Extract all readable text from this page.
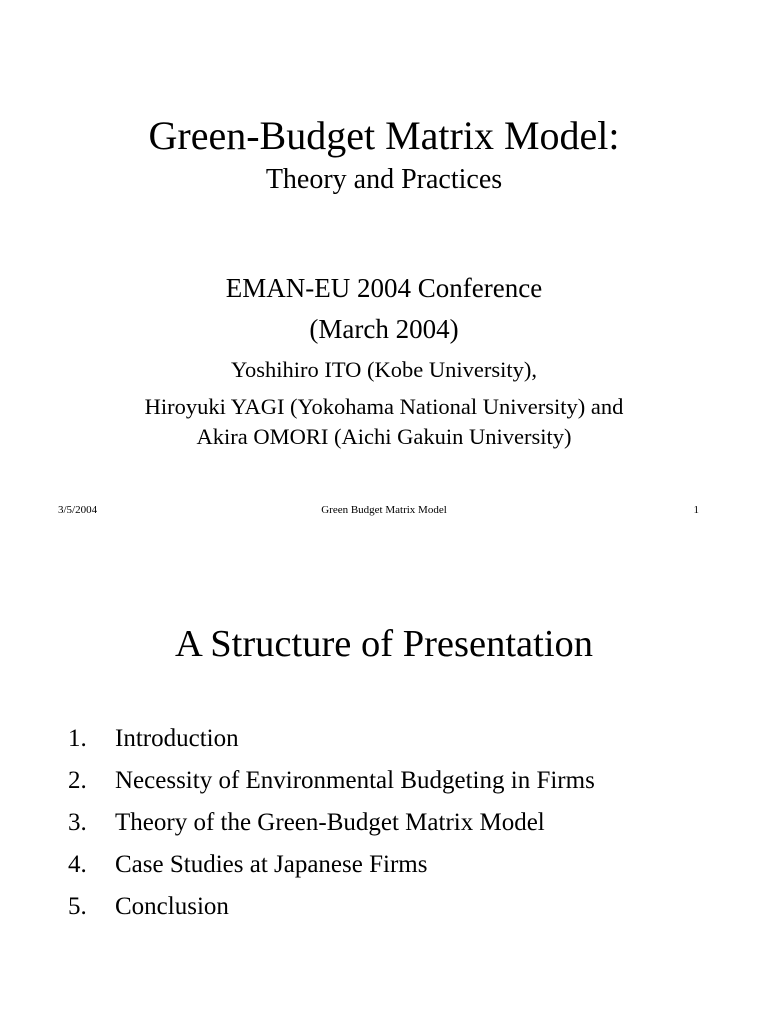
Green-Budget Matrix Model:
Theory and Practices
EMAN-EU 2004 Conference
(March 2004)
Yoshihiro ITO (Kobe University),
Hiroyuki YAGI (Yokohama National University) and
Akira OMORI (Aichi Gakuin University)
3/5/2004	Green Budget Matrix Model	1
A Structure of Presentation
1.	Introduction
2.	Necessity of Environmental Budgeting in Firms
3.	Theory of the Green-Budget Matrix Model
4.	Case Studies at Japanese Firms
5.	Conclusion
